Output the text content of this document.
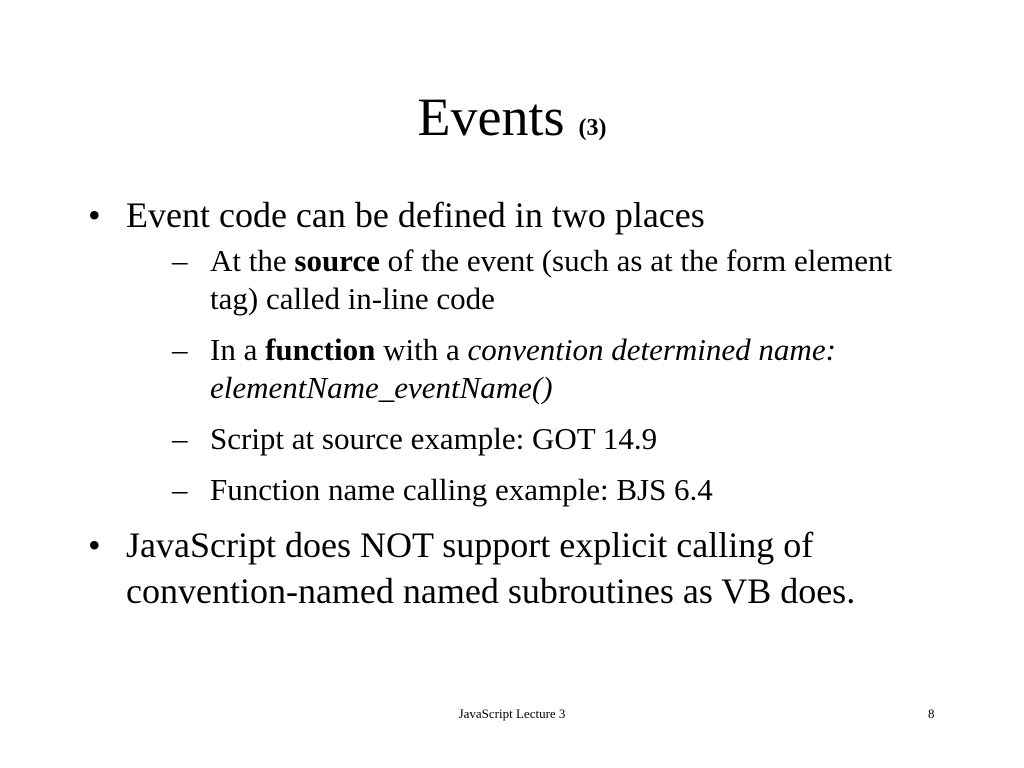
Events (3)
• Event code can be defined in two places
– At the source of the event (such as at the form element tag) called in-line code
– In a function with a convention determined name: elementName_eventName()
– Script at source example: GOT 14.9
– Function name calling example: BJS 6.4
• JavaScript does NOT support explicit calling of convention-named named subroutines as VB does.
JavaScript Lecture 3	8
